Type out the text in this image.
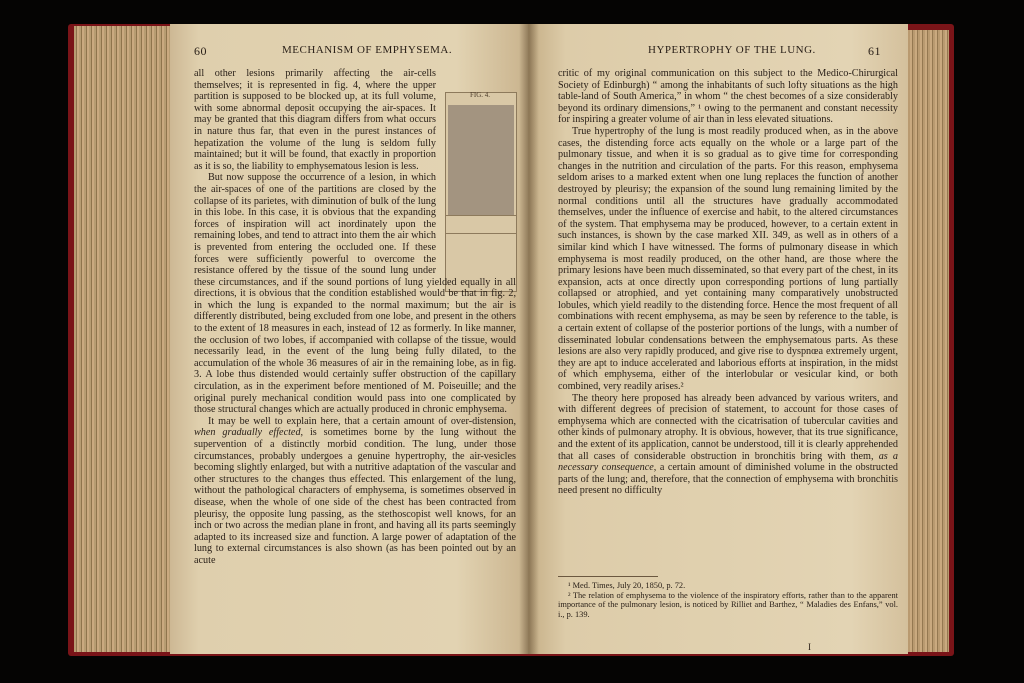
60	MECHANISM OF EMPHYSEMA.
FIG. 4.

all other lesions primarily affecting the air-cells themselves; it is represented in fig. 4, where the upper partition is supposed to be blocked up, at its full volume, with some abnormal deposit occupying the air-spaces. It may be granted that this diagram differs from what occurs in nature thus far, that even in the purest instances of hepatization the volume of the lung is seldom fully maintained; but it will be found, that exactly in proportion as it is so, the liability to emphysematous lesion is less.

But now suppose the occurrence of a lesion, in which the air-spaces of one of the partitions are closed by the collapse of its parietes, with diminution of bulk of the lung in this lobe. In this case, it is obvious that the expanding forces of inspiration will act inordinately upon the remaining lobes, and tend to attract into them the air which is prevented from entering the occluded one. If these forces were sufficiently powerful to overcome the resistance offered by the tissue of the sound lung under these circumstances, and if the sound portions of lung yielded equally in all directions, it is obvious that the condition established would be that in fig. 2, in which the lung is expanded to the normal maximum; but the air is differently distributed, being excluded from one lobe, and present in the others to the extent of 18 measures in each, instead of 12 as formerly. In like manner, the occlusion of two lobes, if accompanied with collapse of the tissue, would necessarily lead, in the event of the lung being fully dilated, to the accumulation of the whole 36 measures of air in the remaining lobe, as in fig. 3. A lobe thus distended would certainly suffer obstruction of the capillary circulation, as in the experiment before mentioned of M. Poiseuille; and the original purely mechanical condition would pass into one complicated by those structural changes which are actually produced in chronic emphysema.

It may be well to explain here, that a certain amount of over-distension, when gradually effected, is sometimes borne by the lung without the supervention of a distinctly morbid condition. The lung, under those circumstances, probably undergoes a genuine hypertrophy, the air-vesicles becoming slightly enlarged, but with a nutritive adaptation of the vascular and other structures to the changes thus effected. This enlargement of the lung, without the pathological characters of emphysema, is sometimes observed in disease, when the whole of one side of the chest has been contracted from pleurisy, the opposite lung passing, as the stethoscopist well knows, for an inch or two across the median plane in front, and having all its parts seemingly adapted to its increased size and function. A large power of adaptation of the lung to external circumstances is also shown (as has been pointed out by an acute

HYPERTROPHY OF THE LUNG.	61

critic of my original communication on this subject to the Medico-Chirurgical Society of Edinburgh) “ among the inhabitants of such lofty situations as the high table-land of South America,” in whom “ the chest becomes of a size considerably beyond its ordinary dimensions,” ¹ owing to the permanent and constant necessity for inspiring a greater volume of air than in less elevated situations.

True hypertrophy of the lung is most readily produced when, as in the above cases, the distending force acts equally on the whole or a large part of the pulmonary tissue, and when it is so gradual as to give time for corresponding changes in the nutrition and circulation of the parts. For this reason, emphysema seldom arises to a marked extent when one lung replaces the function of another destroyed by pleurisy; the expansion of the sound lung remaining limited by the normal conditions until all the structures have gradually accommodated themselves, under the influence of exercise and habit, to the altered circumstances of the system. That emphysema may be produced, however, to a certain extent in such instances, is shown by the case marked XII. 349, as well as in others of a similar kind which I have witnessed. The forms of pulmonary disease in which emphysema is most readily produced, on the other hand, are those where the primary lesions have been much disseminated, so that every part of the chest, in its expansion, acts at once directly upon corresponding portions of lung partially collapsed or atrophied, and yet containing many comparatively unobstructed lobules, which yield readily to the distending force. Hence the most frequent of all combinations with recent emphysema, as may be seen by reference to the table, is a certain extent of collapse of the posterior portions of the lungs, with a number of disseminated lobular condensations between the emphysematous parts. As these lesions are also very rapidly produced, and give rise to dyspnœa extremely urgent, they are apt to induce accelerated and laborious efforts at inspiration, in the midst of which emphysema, either of the interlobular or vesicular kind, or both combined, very readily arises.²

The theory here proposed has already been advanced by various writers, and with different degrees of precision of statement, to account for those cases of emphysema which are connected with the cicatrisation of tubercular cavities and other kinds of pulmonary atrophy. It is obvious, however, that its true significance, and the extent of its application, cannot be understood, till it is clearly apprehended that all cases of considerable obstruction in bronchitis bring with them, as a necessary consequence, a certain amount of diminished volume in the obstructed parts of the lung; and, therefore, that the connection of emphysema with bronchitis need present no difficulty

¹ Med. Times, July 20, 1850, p. 72.

² The relation of emphysema to the violence of the inspiratory efforts, rather than to the apparent importance of the pulmonary lesion, is noticed by Rilliet and Barthez, “ Maladies des Enfans,” vol. i., p. 139.

I
